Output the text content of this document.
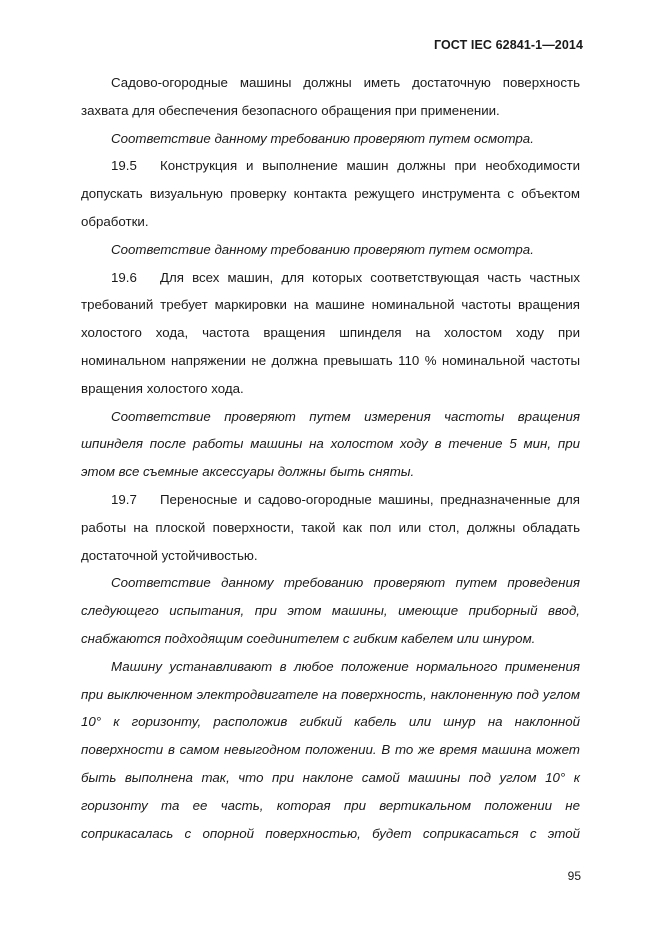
ГОСТ IEC 62841-1—2014

Садово-огородные машины должны иметь достаточную поверхность захвата для обеспечения безопасного обращения при применении.

Соответствие данному требованию проверяют путем осмотра.

19.5 Конструкция и выполнение машин должны при необходимости допускать визуальную проверку контакта режущего инструмента с объектом обработки.

Соответствие данному требованию проверяют путем осмотра.

19.6 Для всех машин, для которых соответствующая часть частных требований требует маркировки на машине номинальной частоты вращения холостого хода, частота вращения шпинделя на холостом ходу при номинальном напряжении не должна превышать 110 % номинальной частоты вращения холостого хода.

Соответствие проверяют путем измерения частоты вращения шпинделя после работы машины на холостом ходу в течение 5 мин, при этом все съемные аксессуары должны быть сняты.

19.7 Переносные и садово-огородные машины, предназначенные для работы на плоской поверхности, такой как пол или стол, должны обладать достаточной устойчивостью.

Соответствие данному требованию проверяют путем проведения следующего испытания, при этом машины, имеющие приборный ввод, снабжаются подходящим соединителем с гибким кабелем или шнуром.

Машину устанавливают в любое положение нормального применения при выключенном электродвигателе на поверхность, наклоненную под углом 10° к горизонту, расположив гибкий кабель или шнур на наклонной поверхности в самом невыгодном положении. В то же время машина может быть выполнена так, что при наклоне самой машины под углом 10° к горизонту та ее часть, которая при вертикальном положении не соприкасалась с опорной поверхностью, будет соприкасаться с этой

95
